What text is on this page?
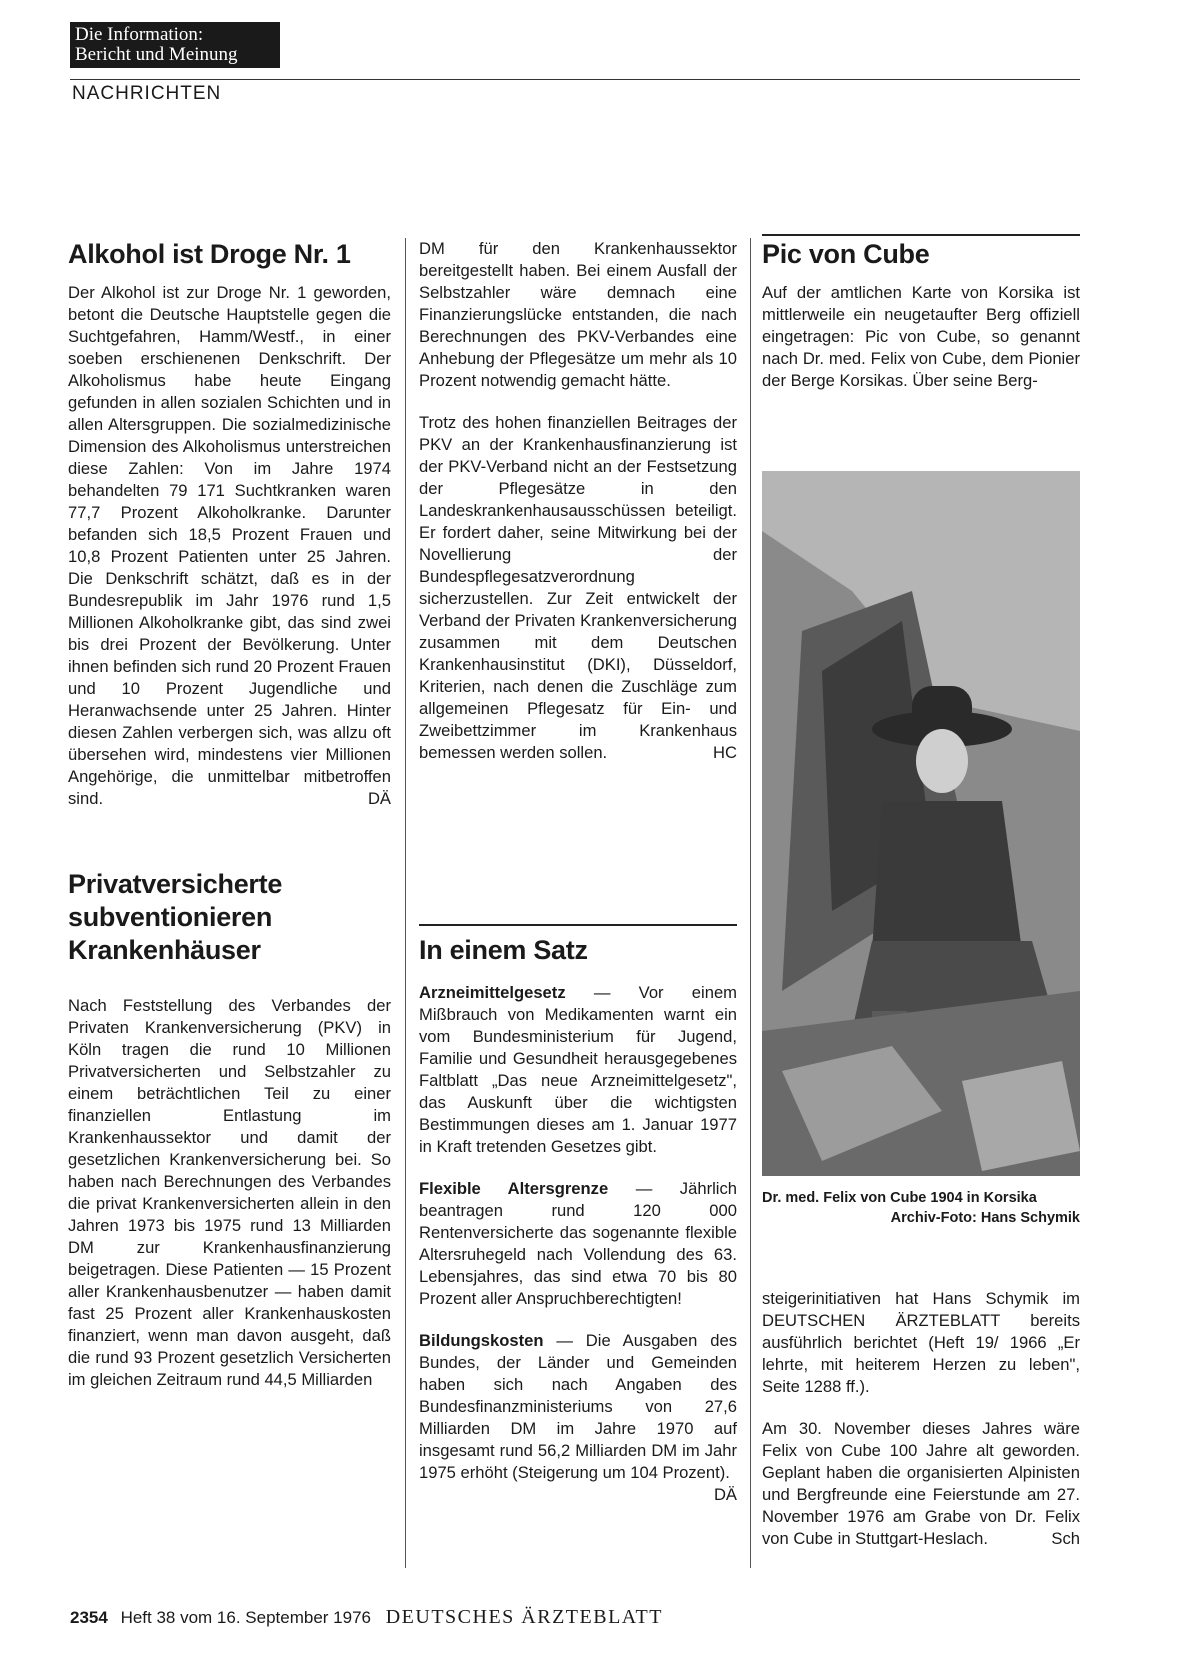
Die Information:
Bericht und Meinung
NACHRICHTEN
Alkohol ist Droge Nr. 1

Der Alkohol ist zur Droge Nr. 1 geworden, betont die Deutsche Hauptstelle gegen die Suchtgefahren, Hamm/Westf., in einer soeben erschienenen Denkschrift. Der Alkoholismus habe heute Eingang gefunden in allen sozialen Schichten und in allen Altersgruppen. Die sozialmedizinische Dimension des Alkoholismus unterstreichen diese Zahlen: Von im Jahre 1974 behandelten 79 171 Suchtkranken waren 77,7 Prozent Alkoholkranke. Darunter befanden sich 18,5 Prozent Frauen und 10,8 Prozent Patienten unter 25 Jahren. Die Denkschrift schätzt, daß es in der Bundesrepublik im Jahr 1976 rund 1,5 Millionen Alkoholkranke gibt, das sind zwei bis drei Prozent der Bevölkerung. Unter ihnen befinden sich rund 20 Prozent Frauen und 10 Prozent Jugendliche und Heranwachsende unter 25 Jahren. Hinter diesen Zahlen verbergen sich, was allzu oft übersehen wird, mindestens vier Millionen Angehörige, die unmittelbar mitbetroffen sind.	DÄ

Privatversicherte
subventionieren
Krankenhäuser

Nach Feststellung des Verbandes der Privaten Krankenversicherung (PKV) in Köln tragen die rund 10 Millionen Privatversicherten und Selbstzahler zu einem beträchtlichen Teil zu einer finanziellen Entlastung im Krankenhaussektor und damit der gesetzlichen Krankenversicherung bei. So haben nach Berechnungen des Verbandes die privat Krankenversicherten allein in den Jahren 1973 bis 1975 rund 13 Milliarden DM zur Krankenhausfinanzierung beigetragen. Diese Patienten — 15 Prozent aller Krankenhausbenutzer — haben damit fast 25 Prozent aller Krankenhauskosten finanziert, wenn man davon ausgeht, daß die rund 93 Prozent gesetzlich Versicherten im gleichen Zeitraum rund 44,5 Milliarden

DM für den Krankenhaussektor bereitgestellt haben. Bei einem Ausfall der Selbstzahler wäre demnach eine Finanzierungslücke entstanden, die nach Berechnungen des PKV-Verbandes eine Anhebung der Pflegesätze um mehr als 10 Prozent notwendig gemacht hätte.

Trotz des hohen finanziellen Beitrages der PKV an der Krankenhausfinanzierung ist der PKV-Verband nicht an der Festsetzung der Pflegesätze in den Landeskrankenhausausschüssen beteiligt. Er fordert daher, seine Mitwirkung bei der Novellierung der Bundespflegesatzverordnung sicherzustellen. Zur Zeit entwickelt der Verband der Privaten Krankenversicherung zusammen mit dem Deutschen Krankenhausinstitut (DKI), Düsseldorf, Kriterien, nach denen die Zuschläge zum allgemeinen Pflegesatz für Ein- und Zweibettzimmer im Krankenhaus bemessen werden sollen.	HC

In einem Satz

Arzneimittelgesetz — Vor einem Mißbrauch von Medikamenten warnt ein vom Bundesministerium für Jugend, Familie und Gesundheit herausgegebenes Faltblatt „Das neue Arzneimittelgesetz", das Auskunft über die wichtigsten Bestimmungen dieses am 1. Januar 1977 in Kraft tretenden Gesetzes gibt.

Flexible Altersgrenze — Jährlich beantragen rund 120 000 Rentenversicherte das sogenannte flexible Altersruhegeld nach Vollendung des 63. Lebensjahres, das sind etwa 70 bis 80 Prozent aller Anspruchberechtigten!

Bildungskosten — Die Ausgaben des Bundes, der Länder und Gemeinden haben sich nach Angaben des Bundesfinanzministeriums von 27,6 Milliarden DM im Jahre 1970 auf insgesamt rund 56,2 Milliarden DM im Jahr 1975 erhöht (Steigerung um 104 Prozent).
DÄ

Pic von Cube

Auf der amtlichen Karte von Korsika ist mittlerweile ein neugetaufter Berg offiziell eingetragen: Pic von Cube, so genannt nach Dr. med. Felix von Cube, dem Pionier der Berge Korsikas. Über seine Berg-

Dr. med. Felix von Cube 1904 in Korsika
Archiv-Foto: Hans Schymik

steigerinitiativen hat Hans Schymik im DEUTSCHEN ÄRZTEBLATT bereits ausführlich berichtet (Heft 19/ 1966 „Er lehrte, mit heiterem Herzen zu leben", Seite 1288 ff.).

Am 30. November dieses Jahres wäre Felix von Cube 100 Jahre alt geworden. Geplant haben die organisierten Alpinisten und Bergfreunde eine Feierstunde am 27. November 1976 am Grabe von Dr. Felix von Cube in Stuttgart-Heslach.	Sch

2354 Heft 38 vom 16. September 1976 DEUTSCHES ÄRZTEBLATT
